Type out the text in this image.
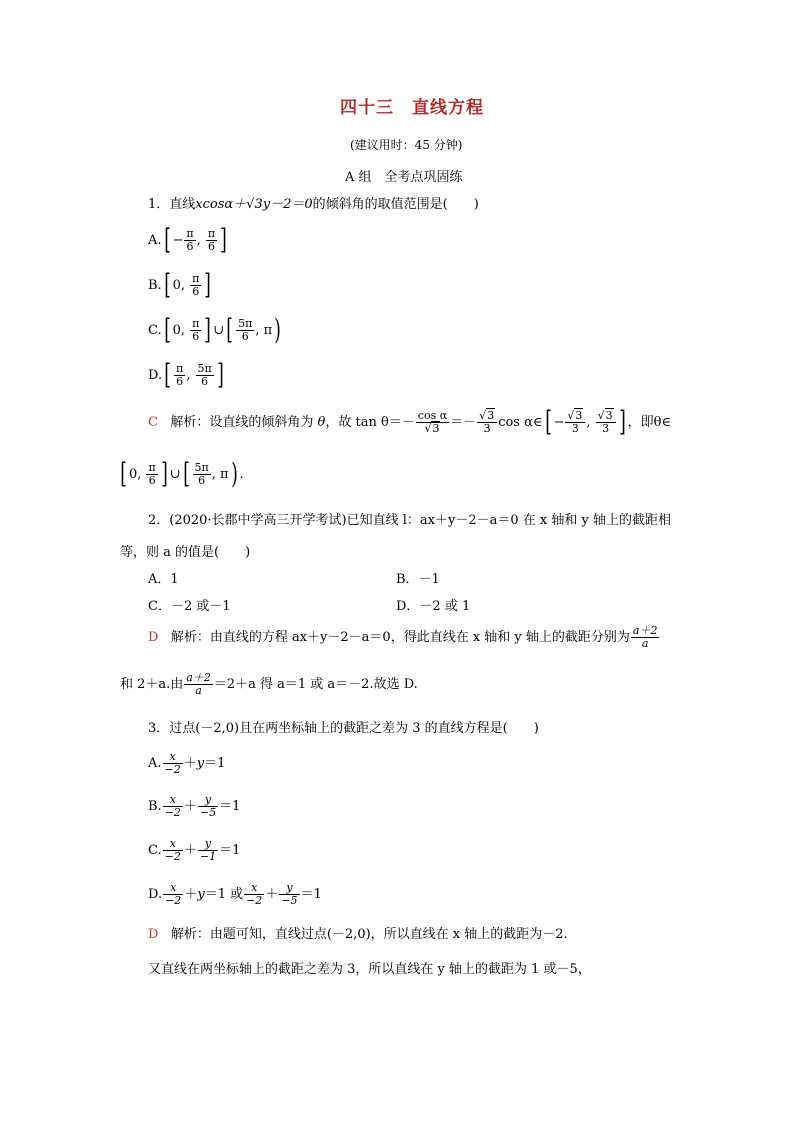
四十三　直线方程
(建议用时：45 分钟)
A 组　全考点巩固练
1．直线xcosα＋√3y－2＝0的倾斜角的取值范围是(　　)
A. [ − $\frac{\pi}{6}$ , $\frac{\pi}{6}$ ]
B. [ 0, $\frac{\pi}{6}$ ]
C. [ 0, $\frac{\pi}{6}$ ] ∪ [ $\frac{5\pi}{6}$ , π )
D. [ $\frac{\pi}{6}$ , $\frac{5\pi}{6}$ ]
C
解析：设直线的倾斜角为
θ ，故 $\tan \theta=- \frac{\text{cos α}}{√3} =- \frac{√3}{3}$ cos α∈ [ − $\frac{√3}{3}$ , $\frac{√3}{3}$ ] ，即θ∈
[ 0, $\frac{\pi}{6}$ ] ∪ [ $\frac{5\pi}{6}$ , π ) .
2．(2020·长郡中学高三开学考试)已知直线 l：ax＋y－2－a＝0 在 x 轴和 y 轴上的截距相
等，则 a 的值是(　　)
A．1	B．－1
C．－2 或－1	D．－2 或 1
D
解析：由直线的方程 ax＋y－2－a＝0，得此直线在 x 轴和 y 轴上的截距分别为 $\frac{a+2}{a}$
和 2＋a.由 $\frac{a+2}{a} =2+a$ 得 a＝1 或 a＝－2.故选 D.
3．过点(－2,0)且在两坐标轴上的截距之差为 3 的直线方程是(　　)
A. $\frac{x}{-2} + y =1$
B. $\frac{x}{-2} + \frac{y}{-5} =1$
C. $\frac{x}{-2} + \frac{y}{-1} =1$
D. $\frac{x}{-2} + y =1$ 或 $\frac{x}{-2} + \frac{y}{-5} =1$
D 解析：由题可知，直线过点(－2,0)，所以直线在 x 轴上的截距为－2.
又直线在两坐标轴上的截距之差为 3，所以直线在 y 轴上的截距为 1 或－5，
